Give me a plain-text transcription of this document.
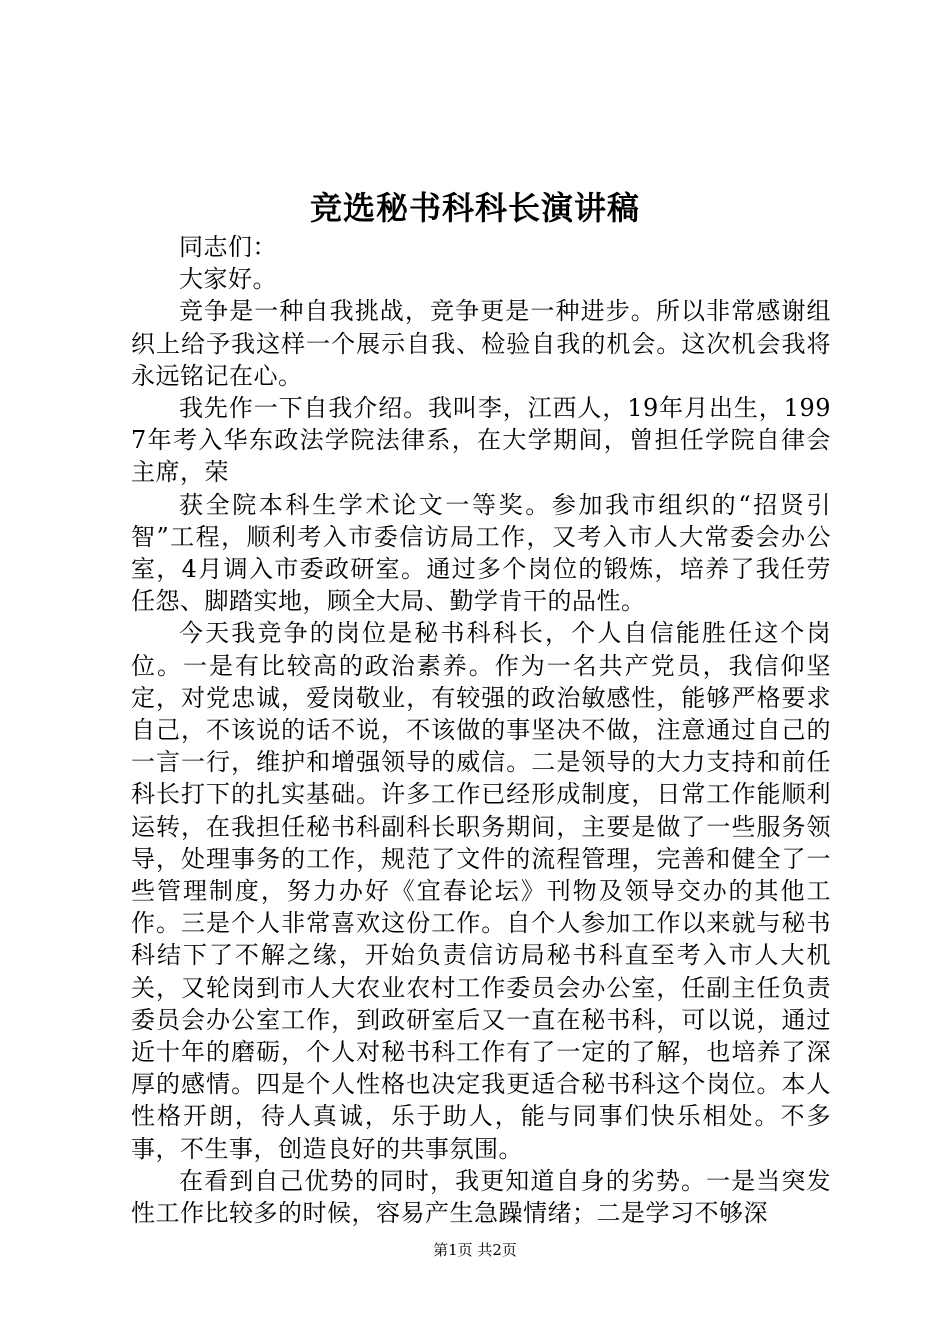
竞选秘书科科长演讲稿

同志们：

大家好。

竞争是一种自我挑战，竞争更是一种进步。所以非常感谢组织上给予我这样一个展示自我、检验自我的机会。这次机会我将永远铭记在心。

我先作一下自我介绍。我叫李，江西人，19年月出生，1997年考入华东政法学院法律系，在大学期间，曾担任学院自律会主席，荣

获全院本科生学术论文一等奖。参加我市组织的“招贤引智”工程，顺利考入市委信访局工作，又考入市人大常委会办公室，4月调入市委政研室。通过多个岗位的锻炼，培养了我任劳任怨、脚踏实地，顾全大局、勤学肯干的品性。

今天我竞争的岗位是秘书科科长，个人自信能胜任这个岗位。一是有比较高的政治素养。作为一名共产党员，我信仰坚定，对党忠诚，爱岗敬业，有较强的政治敏感性，能够严格要求自己，不该说的话不说，不该做的事坚决不做，注意通过自己的一言一行，维护和增强领导的威信。二是领导的大力支持和前任科长打下的扎实基础。许多工作已经形成制度，日常工作能顺利运转，在我担任秘书科副科长职务期间，主要是做了一些服务领导，处理事务的工作，规范了文件的流程管理，完善和健全了一些管理制度，努力办好《宜春论坛》刊物及领导交办的其他工作。三是个人非常喜欢这份工作。自个人参加工作以来就与秘书科结下了不解之缘，开始负责信访局秘书科直至考入市人大机关，又轮岗到市人大农业农村工作委员会办公室，任副主任负责委员会办公室工作，到政研室后又一直在秘书科，可以说，通过近十年的磨砺，个人对秘书科工作有了一定的了解，也培养了深厚的感情。四是个人性格也决定我更适合秘书科这个岗位。本人性格开朗，待人真诚，乐于助人，能与同事们快乐相处。不多事，不生事，创造良好的共事氛围。

在看到自己优势的同时，我更知道自身的劣势。一是当突发性工作比较多的时候，容易产生急躁情绪；二是学习不够深

第1页 共2页
